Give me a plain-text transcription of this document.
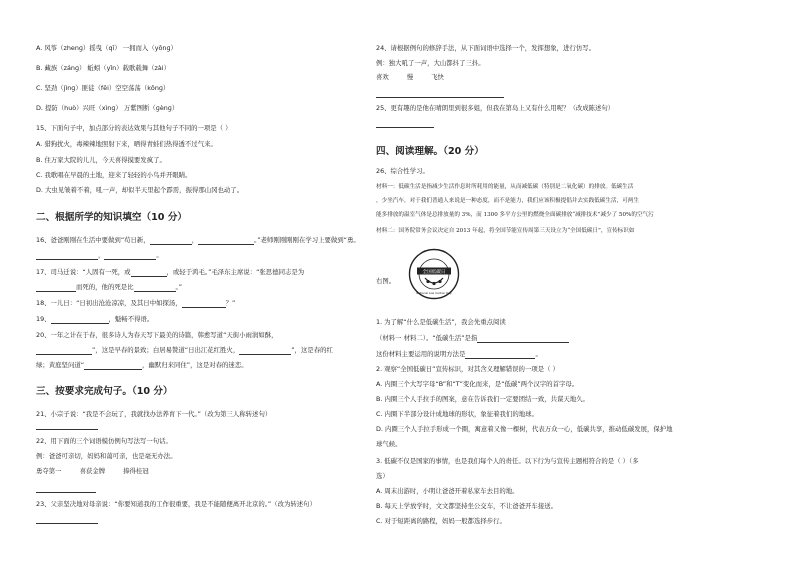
A. 风筝（zhenɡ）摇曳（qī） 一拥而入（yōnɡ）
B. 藏族（zánɡ） 蚯蚓（yǐn）载歌载舞（zài）
C. 坚劲（jìnɡ）匪徒（fěi）空空荡荡（kōnɡ）
D. 提防（huò）兴旺（xìnɡ） 万紫图断（ɡènɡ）
15、下面句子中，加点部分的表达效果与其他句子不同的一项是（ ）
A. 猎狗扰火，毒辣辣地照射下来，晒得青蛙们热得透不过气来。
B. 住万家大院的儿儿，今天喜得摸要发疯了。
C. 我歌唱在早晨的土地，迎来了轻轻的小鸟并开眼睛。
D. 大虫见皱着不着，吼一声，却似半天里起个霹雳，振得那山冈也动了。
二、根据所学的知识填空（10 分）
16、爸爸刚刚在生活中要做到“苟日新，	，	。”老师刚刚刚刚在学习上要做到“勇。
，	。
17、司马迁说：“人固有一死，或	，或轻于鸿毛。”毛泽东主席说：“张思德同志是为
而死的，他的死是比	。”
18、一儿曰：“日初出沧沧凉凉，及其日中如探汤，	？”
19、	，魁畅不得语。
20、一年之计在于春，很多诗人为春天写下最美的诗篇，韩愈写道“天街小雨润如酥，
”，这是早春的景致；白居易赞道“日出江花红胜火，	”，这是春的红
绿；黄庭坚问道“	，幽默归来同住”，这是对春的迷恋。
三、按要求完成句子。（10 分）
21、小宗子说：“我是不会玩了，我就找办法养育下一代。”（改为第三人称转述句）
22、用下面的三个词语模仿例句写法写一句话。
例：爸爸可亲切，妈妈和蔼可亲，也是毫无办法。
勇夺第一	喜获金牌	捧得桂冠
23、父亲坚决地对母亲说：“你要知道我的工作很重要，我是不能随便离开北京的。”（改为转述句）
24、请根据例句的修辞手法，从下面词语中选择一个，发挥想象，进行仿写。
例：独大吼了一声，大山都抖了三抖。
喜欢	慢	飞快
25、更有趣的是他在晴朗里到很多姐，但我在第岛上又有什么用呢？（改成陈述句）
四、阅读理解。（20 分）
26、综合性学习。
材料一：低碳生活是指减少生活作息时所耗用的能量，从而减低碳（特别是二氧化碳）的排放。低碳生活
，少坐汽车，对于我们普通人来说是一种态度，而不是能力，我们应该积极提倡并去实践低碳生活，可两生
能多排放的温室气体是总排放量的 3%，而 1300 多平方公里的燃烧全面碳排放“减排技术”减少了 50%的空气污
材料二：国务院常务会议决定自 2013 年起，将全国节能宣传周第三天设立为“全国低碳日”，宣传标识如
全国低碳日
National Low Carbon Day
右图。
1. 为了解“什么是低碳生活”，我会先重点阅读
（材料一 材料二）。“低碳生活”是指
这份材料主要运用的说明方法是	。
2. 观察“全国低碳日”宣传标识，对其含义理解错误的一项是（ ）
A. 内圈三个大写字母“B”和“T”变化而来，是“低碳”两个汉字的首字母。
B. 内圈三个人手拉手的图案，意在告诉我们一定要团结一致，共谋天地久。
C. 内圈下半部分设计成地球的形状，象征着我们的地球。
D. 内圈三个人手拉手形成一个圈，寓意着又像一棵树，代表万众一心，低碳共享，推动低碳发展，保护地
球气候。
3. 低碳不仅是国家的事情，也是我们每个人的责任。以下行为与宣传主题相符合的是（ ）（多
选）
A. 周末出游时，小明让爸爸开着私家车去目的地。
B. 每天上学放学时，文文都坚持坐公交车，不让爸爸开车接送。
C. 对于短距离的路程，妈妈一般都选择步行。
